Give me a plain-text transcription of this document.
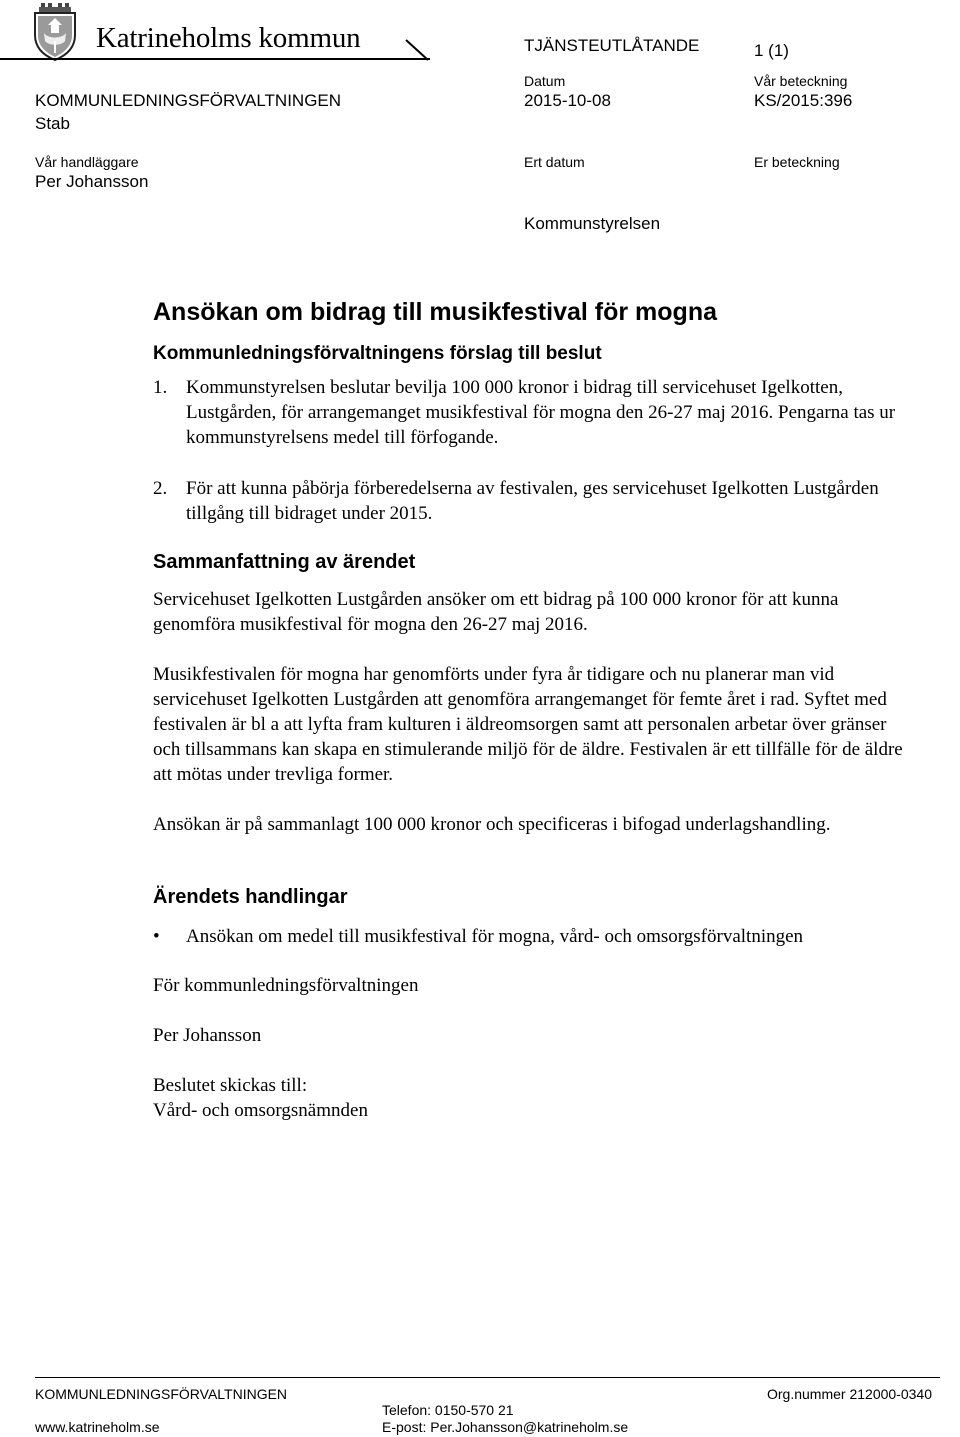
Katrineholms kommun	TJÄNSTEUTLÅTANDE	1 (1)
KOMMUNLEDNINGSFÖRVALTNINGEN
Stab
Datum
2015-10-08
Vår beteckning
KS/2015:396
Vår handläggare
Per Johansson
Ert datum	Er beteckning
Kommunstyrelsen
Ansökan om bidrag till musikfestival för mogna
Kommunledningsförvaltningens förslag till beslut
1. Kommunstyrelsen beslutar bevilja 100 000 kronor i bidrag till servicehuset Igelkotten, Lustgården, för arrangemanget musikfestival för mogna den 26-27 maj 2016. Pengarna tas ur kommunstyrelsens medel till förfogande.
2. För att kunna påbörja förberedelserna av festivalen, ges servicehuset Igelkotten Lustgården tillgång till bidraget under 2015.
Sammanfattning av ärendet
Servicehuset Igelkotten Lustgården ansöker om ett bidrag på 100 000 kronor för att kunna genomföra musikfestival för mogna den 26-27 maj 2016.
Musikfestivalen för mogna har genomförts under fyra år tidigare och nu planerar man vid servicehuset Igelkotten Lustgården att genomföra arrangemanget för femte året i rad. Syftet med festivalen är bl a att lyfta fram kulturen i äldreomsorgen samt att personalen arbetar över gränser och tillsammans kan skapa en stimulerande miljö för de äldre. Festivalen är ett tillfälle för de äldre att mötas under trevliga former.
Ansökan är på sammanlagt 100 000 kronor och specificeras i bifogad underlagshandling.
Ärendets handlingar
• Ansökan om medel till musikfestival för mogna, vård- och omsorgsförvaltningen
För kommunledningsförvaltningen
Per Johansson
Beslutet skickas till:
Vård- och omsorgsnämnden
KOMMUNLEDNINGSFÖRVALTNINGEN
www.katrineholm.se
Telefon: 0150-570 21
E-post: Per.Johansson@katrineholm.se
Org.nummer 212000-0340
